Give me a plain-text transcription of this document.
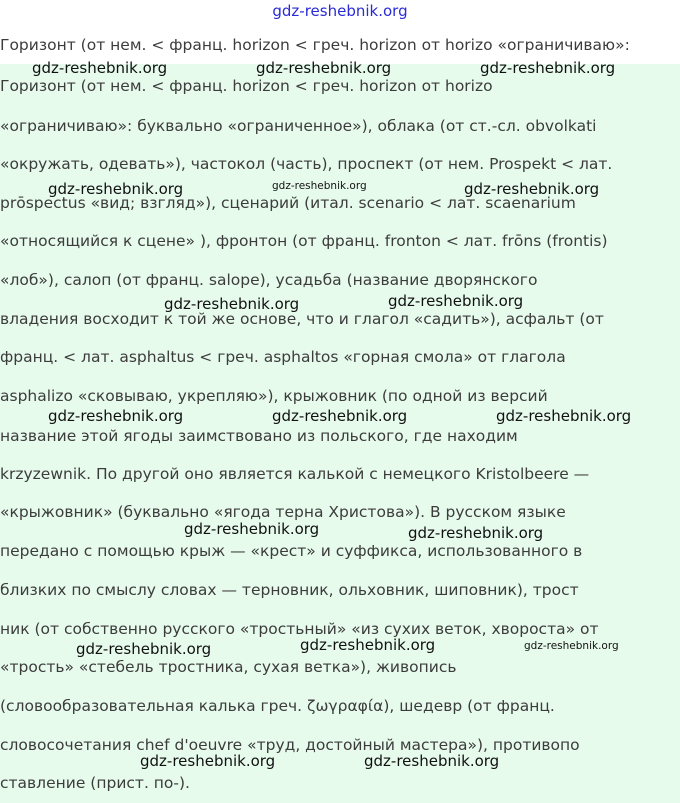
gdz-reshebnik.org
Горизонт (от нем. < франц. horizon < греч. horizon от horizo «ограничиваю»:
Горизонт (от нем. < франц. horizon < греч. horizon от horizo
«ограничиваю»: буквально «ограниченное»), облака (от ст.-сл. obvolkati
«окружать, одевать»), частокол (часть), проспект (от нем. Prospekt < лат.
prōspectus «вид; взгляд»), сценарий (итал. scenario < лат. scaenarium
«относящийся к сцене» ), фронтон (от франц. fronton < лат. frōns (frontis)
«лоб»), салоп (от франц. salope), усадьба (название дворянского
владения восходит к той же основе, что и глагол «садить»), асфальт (от
франц. < лат. asphaltus < греч. asphaltos «горная смола» от глагола
asphalizo «сковываю, укрепляю»), крыжовник (по одной из версий
название этой ягоды заимствовано из польского, где находим
krzyzewnik. По другой оно является калькой с немецкого Kristolbeere —
«крыжовник» (буквально «ягода терна Христова»). В русском языке
передано с помощью крыж — «крест» и суффикса, использованного в
близких по смыслу словах — терновник, ольховник, шиповник), трост
ник (от собственно русского «тростьный» «из сухих веток, хвороста» от
«трость» «стебель тростника, сухая ветка»), живопись
(словообразовательная калька греч. ζωγραφία), шедевр (от франц.
словосочетания chef d'oeuvre «труд, достойный мастера»), противопо
ставление (прист. по-).
gdz-reshebnik.org	gdz-reshebnik.org	gdz-reshebnik.org
gdz-reshebnik.org	gdz-reshebnik.org	gdz-reshebnik.org
gdz-reshebnik.org	gdz-reshebnik.org
gdz-reshebnik.org	gdz-reshebnik.org	gdz-reshebnik.org
gdz-reshebnik.org	gdz-reshebnik.org
gdz-reshebnik.org	gdz-reshebnik.org	gdz-reshebnik.org
gdz-reshebnik.org	gdz-reshebnik.org
